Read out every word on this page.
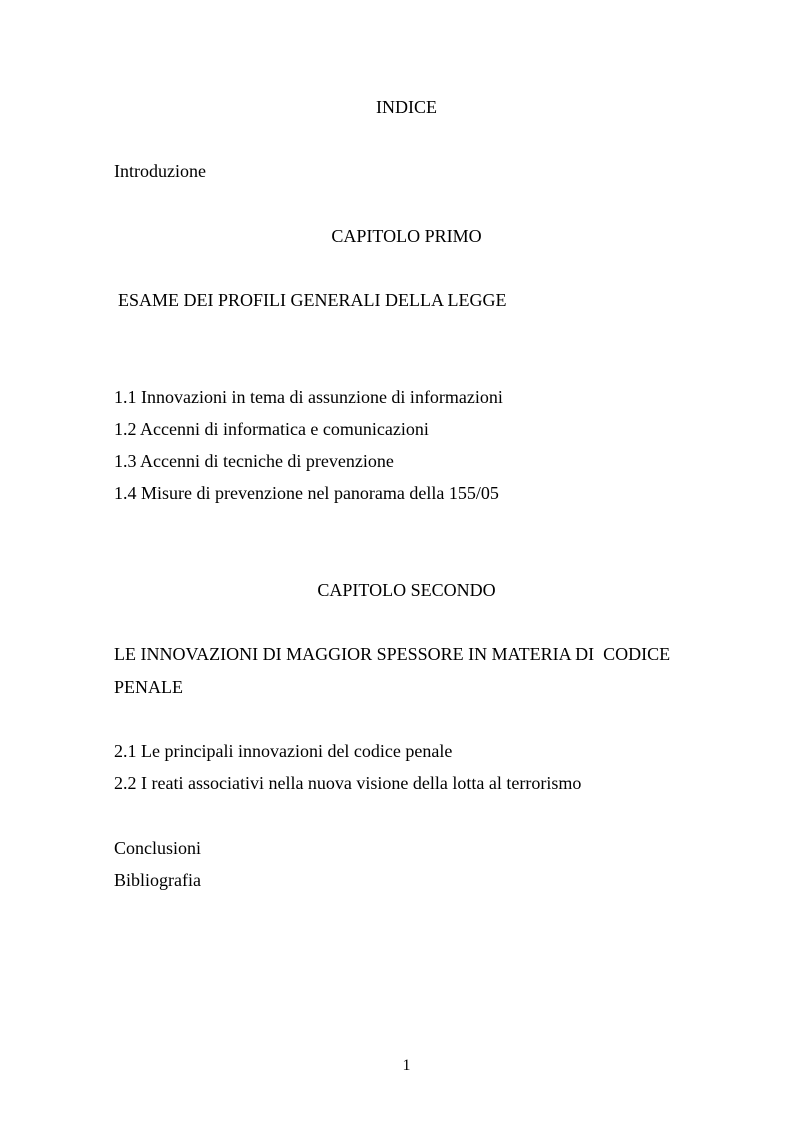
INDICE
Introduzione
CAPITOLO PRIMO
ESAME DEI PROFILI GENERALI DELLA LEGGE
1.1 Innovazioni in tema di assunzione di informazioni
1.2 Accenni di informatica e comunicazioni
1.3 Accenni di tecniche di prevenzione
1.4 Misure di prevenzione nel panorama della 155/05
CAPITOLO SECONDO
LE INNOVAZIONI DI MAGGIOR SPESSORE IN MATERIA DI  CODICE
PENALE
2.1 Le principali innovazioni del codice penale
2.2 I reati associativi nella nuova visione della lotta al terrorismo
Conclusioni
Bibliografia
1
